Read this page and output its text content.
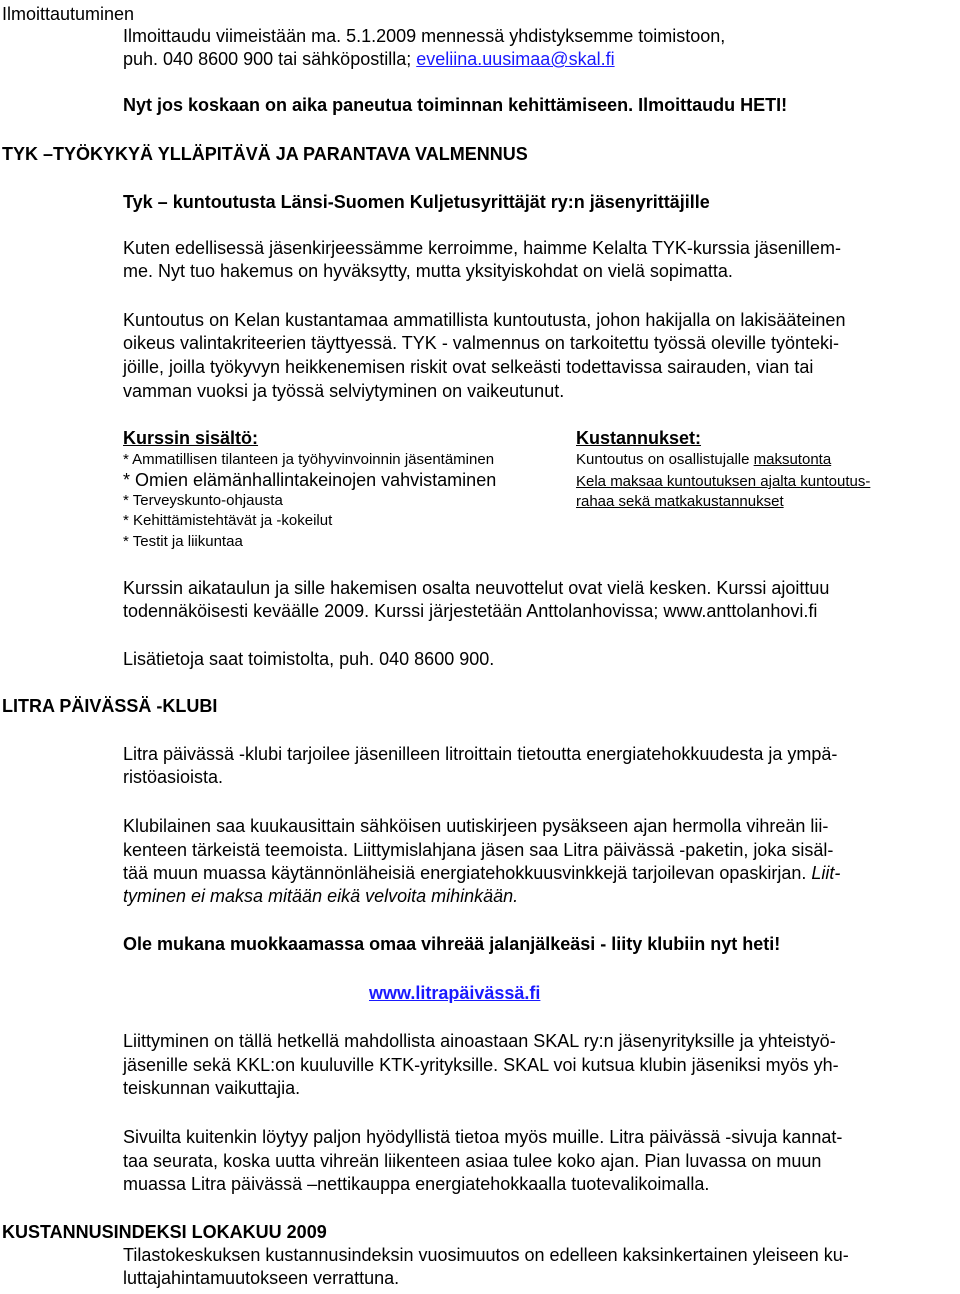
Ilmoittautuminen
Ilmoittaudu viimeistään ma. 5.1.2009 mennessä yhdistyksemme toimistoon,
puh. 040 8600 900 tai sähköpostilla; eveliina.uusimaa@skal.fi
Nyt jos koskaan on aika paneutua toiminnan kehittämiseen. Ilmoittaudu HETI!
TYK –TYÖKYKYÄ YLLÄPITÄVÄ JA PARANTAVA VALMENNUS
Tyk – kuntoutusta Länsi-Suomen Kuljetusyrittäjät ry:n jäsenyrittäjille
Kuten edellisessä jäsenkirjeessämme kerroimme, haimme Kelalta TYK-kurssia jäsenillem-
me. Nyt tuo hakemus on hyväksytty, mutta yksityiskohdat on vielä sopimatta.
Kuntoutus on Kelan kustantamaa ammatillista kuntoutusta, johon hakijalla on lakisääteinen
oikeus valintakriteerien täyttyessä. TYK - valmennus on tarkoitettu työssä oleville työnteki-
jöille, joilla työkyvyn heikkenemisen riskit ovat selkeästi todettavissa sairauden, vian tai
vamman vuoksi ja työssä selviytyminen on vaikeutunut.
Kurssin sisältö:
* Ammatillisen tilanteen ja työhyvinvoinnin jäsentäminen
* Omien elämänhallintakeinojen vahvistaminen
* Terveyskunto-ohjausta
* Kehittämistehtävät ja -kokeilut
* Testit ja liikuntaa
Kustannukset:
Kuntoutus on osallistujalle maksutonta
Kela maksaa kuntoutuksen ajalta kuntoutus-
rahaa sekä matkakustannukset
Kurssin aikataulun ja sille hakemisen osalta neuvottelut ovat vielä kesken. Kurssi ajoittuu
todennäköisesti keväälle 2009. Kurssi järjestetään Anttolanhovissa; www.anttolanhovi.fi
Lisätietoja saat toimistolta, puh. 040 8600 900.
LITRA PÄIVÄSSÄ -KLUBI
Litra päivässä -klubi tarjoilee jäsenilleen litroittain tietoutta energiatehokkuudesta ja ympä-
ristöasioista.
Klubilainen saa kuukausittain sähköisen uutiskirjeen pysäkseen ajan hermolla vihreän lii-
kenteen tärkeistä teemoista. Liittymislahjana jäsen saa Litra päivässä -paketin, joka sisäl-
tää muun muassa käytännönläheisiä energiatehokkuusvinkkejä tarjoilevan opaskirjan. Liit-
tyminen ei maksa mitään eikä velvoita mihinkään.
Ole mukana muokkaamassa omaa vihreää jalanjälkeäsi - liity klubiin nyt heti!
www.litrapäivässä.fi
Liittyminen on tällä hetkellä mahdollista ainoastaan SKAL ry:n jäsenyrityksille ja yhteistyö-
jäsenille sekä KKL:on kuuluville KTK-yrityksille. SKAL voi kutsua klubin jäseniksi myös yh-
teiskunnan vaikuttajia.
Sivuilta kuitenkin löytyy paljon hyödyllistä tietoa myös muille. Litra päivässä -sivuja kannat-
taa seurata, koska uutta vihreän liikenteen asiaa tulee koko ajan. Pian luvassa on muun
muassa Litra päivässä –nettikauppa energiatehokkaalla tuotevalikoimalla.
KUSTANNUSINDEKSI LOKAKUU 2009
Tilastokeskuksen kustannusindeksin vuosimuutos on edelleen kaksinkertainen yleiseen ku-
luttajahintamuutokseen verrattuna.
